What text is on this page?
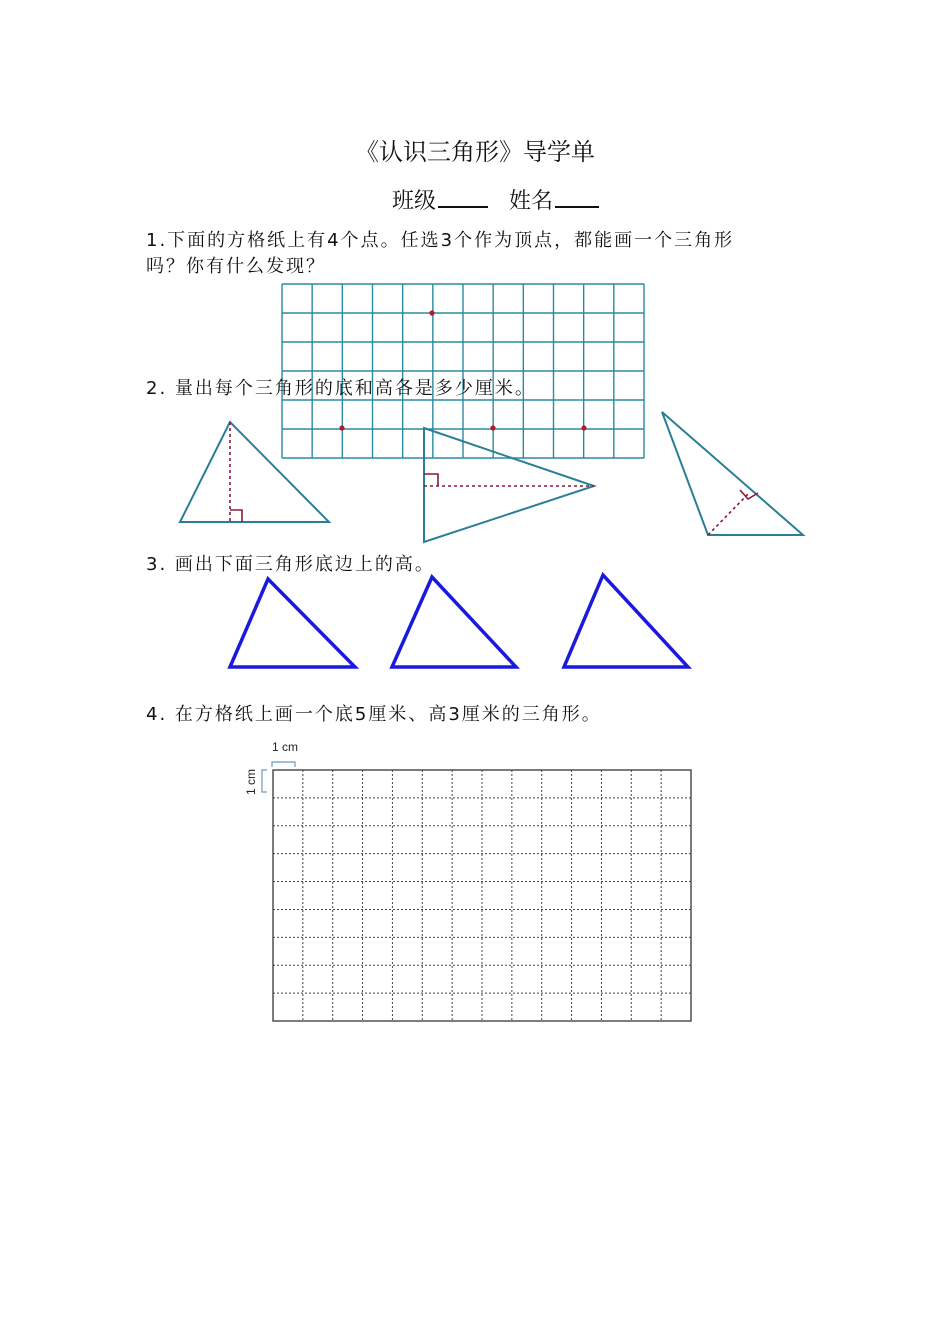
《认识三角形》导学单
班级	姓名
1.下面的方格纸上有4个点。任选3个作为顶点，都能画一个三角形
吗？你有什么发现？
1 cm
1 cm
2. 量出每个三角形的底和高各是多少厘米。
3. 画出下面三角形底边上的高。
4. 在方格纸上画一个底5厘米、高3厘米的三角形。
